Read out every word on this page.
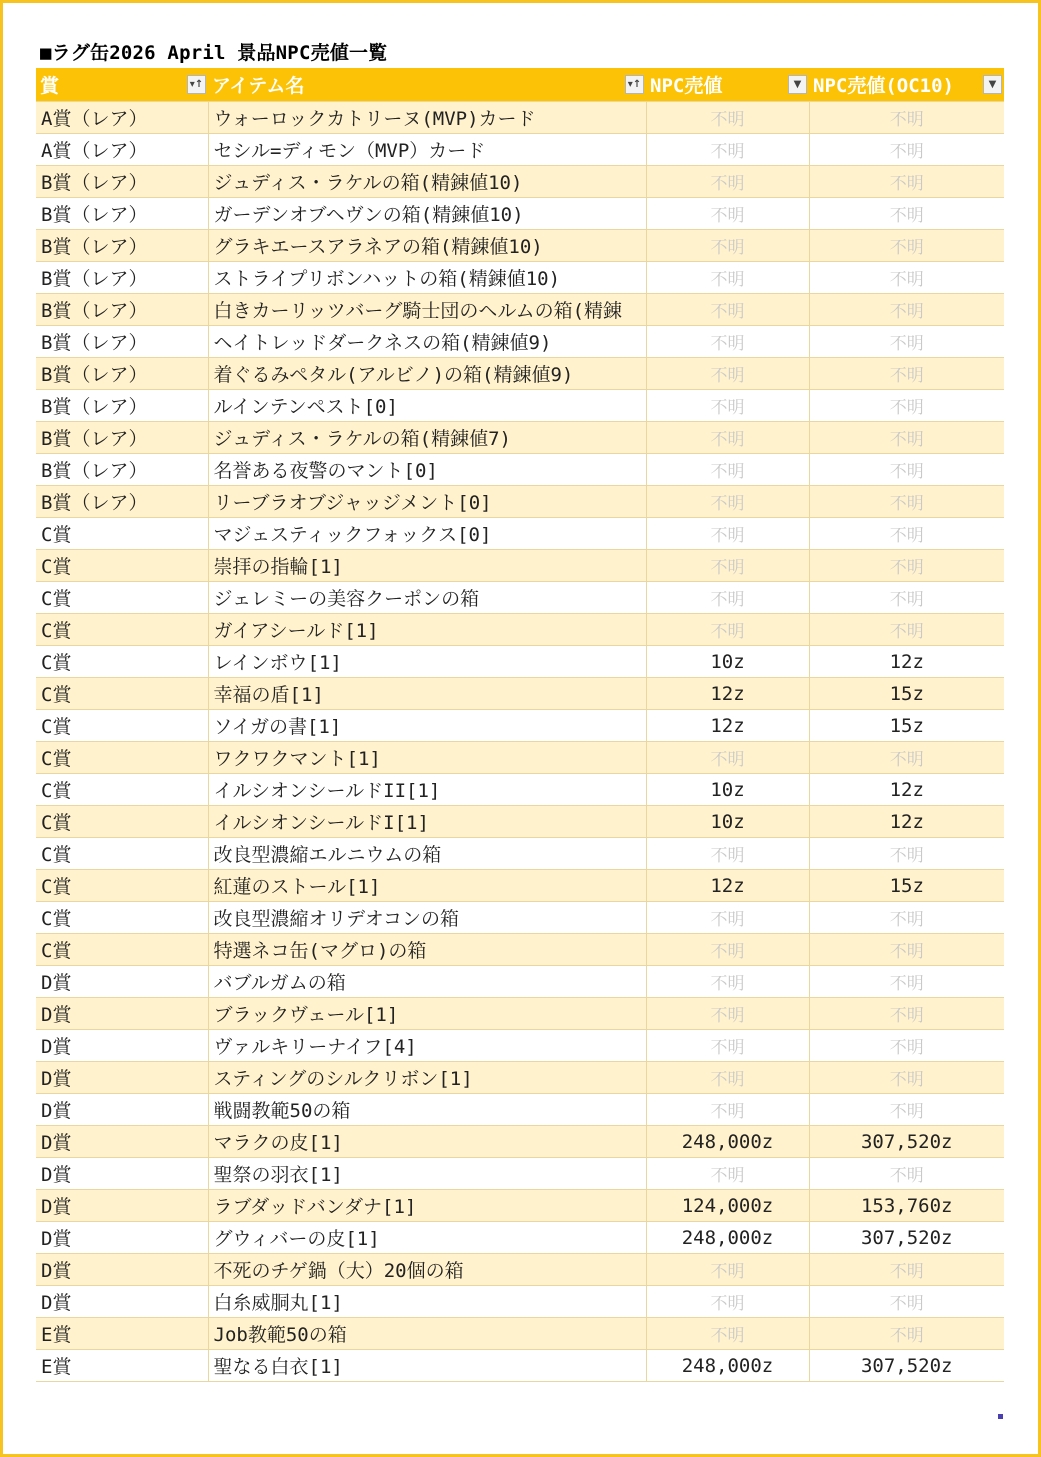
■ラグ缶2026 April 景品NPC売値一覧
賞 ▾↑	アイテム名 ▾↑	NPC売値 ▼	NPC売値(OC10) ▼

A賞（レア）	ウォーロックカトリーヌ(MVP)カード	不明	不明
A賞（レア）	セシル=ディモン（MVP）カード	不明	不明
B賞（レア）	ジュディス・ラケルの箱(精錬値10)	不明	不明
B賞（レア）	ガーデンオブヘヴンの箱(精錬値10)	不明	不明
B賞（レア）	グラキエースアラネアの箱(精錬値10)	不明	不明
B賞（レア）	ストライプリボンハットの箱(精錬値10)	不明	不明
B賞（レア）	白きカーリッツバーグ騎士団のヘルムの箱(精錬	不明	不明
B賞（レア）	ヘイトレッドダークネスの箱(精錬値9)	不明	不明
B賞（レア）	着ぐるみペタル(アルビノ)の箱(精錬値9)	不明	不明
B賞（レア）	ルインテンペスト[0]	不明	不明
B賞（レア）	ジュディス・ラケルの箱(精錬値7)	不明	不明
B賞（レア）	名誉ある夜警のマント[0]	不明	不明
B賞（レア）	リーブラオブジャッジメント[0]	不明	不明
C賞	マジェスティックフォックス[0]	不明	不明
C賞	崇拝の指輪[1]	不明	不明
C賞	ジェレミーの美容クーポンの箱	不明	不明
C賞	ガイアシールド[1]	不明	不明
C賞	レインボウ[1]	10z	12z
C賞	幸福の盾[1]	12z	15z
C賞	ソイガの書[1]	12z	15z
C賞	ワクワクマント[1]	不明	不明
C賞	イルシオンシールドII[1]	10z	12z
C賞	イルシオンシールドI[1]	10z	12z
C賞	改良型濃縮エルニウムの箱	不明	不明
C賞	紅蓮のストール[1]	12z	15z
C賞	改良型濃縮オリデオコンの箱	不明	不明
C賞	特選ネコ缶(マグロ)の箱	不明	不明
D賞	バブルガムの箱	不明	不明
D賞	ブラックヴェール[1]	不明	不明
D賞	ヴァルキリーナイフ[4]	不明	不明
D賞	スティングのシルクリボン[1]	不明	不明
D賞	戦闘教範50の箱	不明	不明
D賞	マラクの皮[1]	248,000z	307,520z
D賞	聖祭の羽衣[1]	不明	不明
D賞	ラブダッドバンダナ[1]	124,000z	153,760z
D賞	グウィバーの皮[1]	248,000z	307,520z
D賞	不死のチゲ鍋（大）20個の箱	不明	不明
D賞	白糸威胴丸[1]	不明	不明
E賞	Job教範50の箱	不明	不明
E賞	聖なる白衣[1]	248,000z	307,520z
